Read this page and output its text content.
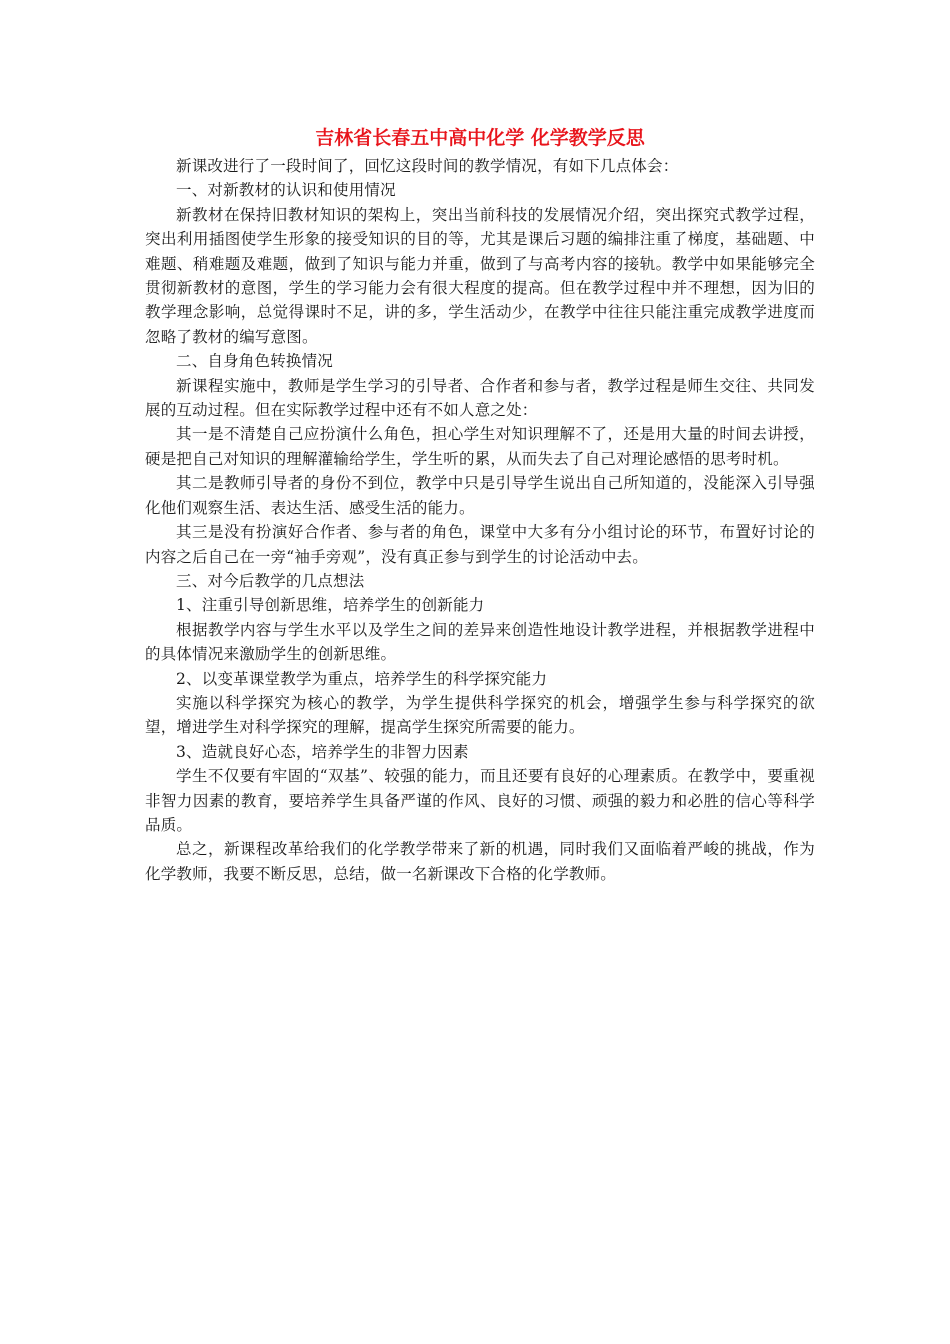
吉林省长春五中高中化学 化学教学反思

新课改进行了一段时间了，回忆这段时间的教学情况，有如下几点体会：

一、对新教材的认识和使用情况

新教材在保持旧教材知识的架构上，突出当前科技的发展情况介绍，突出探究式教学过程，突出利用插图使学生形象的接受知识的目的等，尤其是课后习题的编排注重了梯度，基础题、中难题、稍难题及难题，做到了知识与能力并重，做到了与高考内容的接轨。教学中如果能够完全贯彻新教材的意图，学生的学习能力会有很大程度的提高。但在教学过程中并不理想，因为旧的教学理念影响，总觉得课时不足，讲的多，学生活动少，在教学中往往只能注重完成教学进度而忽略了教材的编写意图。

二、自身角色转换情况

新课程实施中，教师是学生学习的引导者、合作者和参与者，教学过程是师生交往、共同发展的互动过程。但在实际教学过程中还有不如人意之处：

其一是不清楚自己应扮演什么角色，担心学生对知识理解不了，还是用大量的时间去讲授，硬是把自己对知识的理解灌输给学生，学生听的累，从而失去了自己对理论感悟的思考时机。

其二是教师引导者的身份不到位，教学中只是引导学生说出自己所知道的，没能深入引导强化他们观察生活、表达生活、感受生活的能力。

其三是没有扮演好合作者、参与者的角色，课堂中大多有分小组讨论的环节，布置好讨论的内容之后自己在一旁“袖手旁观”，没有真正参与到学生的讨论活动中去。

三、对今后教学的几点想法

1、注重引导创新思维，培养学生的创新能力

根据教学内容与学生水平以及学生之间的差异来创造性地设计教学进程，并根据教学进程中的具体情况来激励学生的创新思维。

2、以变革课堂教学为重点，培养学生的科学探究能力

实施以科学探究为核心的教学，为学生提供科学探究的机会，增强学生参与科学探究的欲望，增进学生对科学探究的理解，提高学生探究所需要的能力。

3、造就良好心态，培养学生的非智力因素

学生不仅要有牢固的“双基”、较强的能力，而且还要有良好的心理素质。在教学中，要重视非智力因素的教育，要培养学生具备严谨的作风、良好的习惯、顽强的毅力和必胜的信心等科学品质。

总之，新课程改革给我们的化学教学带来了新的机遇，同时我们又面临着严峻的挑战，作为化学教师，我要不断反思，总结，做一名新课改下合格的化学教师。
